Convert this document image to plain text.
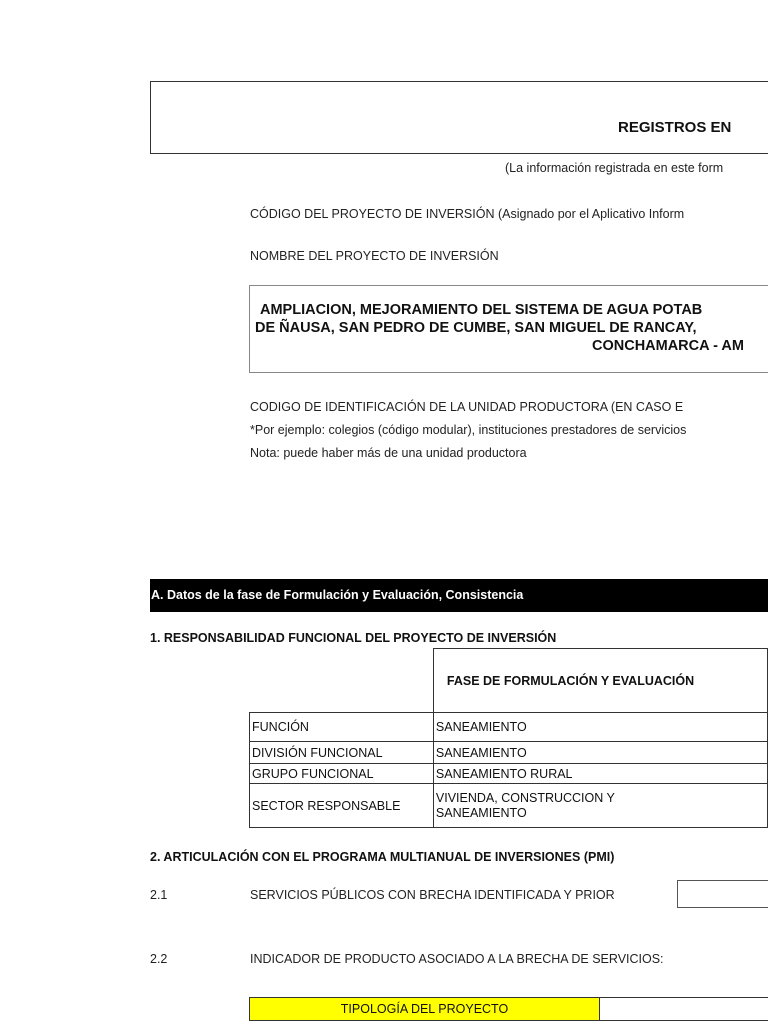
REGISTROS EN
(La información registrada en este form
CÓDIGO DEL PROYECTO DE INVERSIÓN (Asignado por el Aplicativo Inform
NOMBRE DEL PROYECTO DE INVERSIÓN
AMPLIACION, MEJORAMIENTO DEL SISTEMA DE AGUA POTAB
DE ÑAUSA, SAN PEDRO DE CUMBE, SAN MIGUEL DE RANCAY,
CONCHAMARCA - AM
CODIGO DE IDENTIFICACIÓN DE LA UNIDAD PRODUCTORA (EN CASO E
*Por ejemplo: colegios (código modular), instituciones prestadores de servicios
Nota: puede haber más de una unidad productora
A. Datos de la fase de Formulación y Evaluación, Consistencia
1. RESPONSABILIDAD FUNCIONAL DEL PROYECTO DE INVERSIÓN
	FASE DE FORMULACIÓN Y EVALUACIÓN
FUNCIÓN	SANEAMIENTO
DIVISIÓN FUNCIONAL	SANEAMIENTO
GRUPO FUNCIONAL	SANEAMIENTO RURAL
SECTOR RESPONSABLE	VIVIENDA, CONSTRUCCION Y
SANEAMIENTO
2. ARTICULACIÓN CON EL PROGRAMA MULTIANUAL DE INVERSIONES (PMI)
2.1	SERVICIOS PÚBLICOS CON BRECHA IDENTIFICADA Y PRIOR
2.2	INDICADOR DE PRODUCTO ASOCIADO A LA BRECHA DE SERVICIOS:
TIPOLOGÍA DEL PROYECTO
